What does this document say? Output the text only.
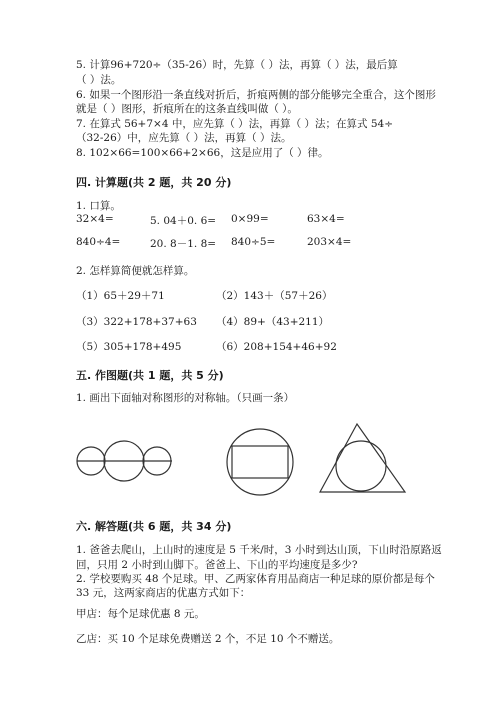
5. 计算96+720÷（35-26）时，先算（ ）法，再算（ ）法，最后算
（ ）法。
6. 如果一个图形沿一条直线对折后，折痕两侧的部分能够完全重合，这个图形
就是（ ）图形，折痕所在的这条直线叫做（ ）。
7. 在算式 56+7×4 中，应先算（ ）法，再算（ ）法；在算式 54÷
（32-26）中，应先算（ ）法，再算（ ）法。
8. 102×66=100×66+2×66，这是应用了（ ）律。
四. 计算题(共 2 题，共 20 分)
1. 口算。
32×4=	5. 04＋0. 6= 0×99=	63×4=
840÷4=	20. 8－1. 8= 840÷5=	203×4=
2. 怎样算简便就怎样算。
（1）65＋29＋71	（2）143＋（57＋26）
（3）322+178+37+63 （4）89+（43+211）
（5）305+178+495	（6）208+154+46+92
五. 作图题(共 1 题，共 5 分)
1. 画出下面轴对称图形的对称轴。（只画一条）
六. 解答题(共 6 题，共 34 分)
1. 爸爸去爬山，上山时的速度是 5 千米/时，3 小时到达山顶，下山时沿原路返
回，只用 2 小时到山脚下。爸爸上、下山的平均速度是多少?
2. 学校要购买 48 个足球。甲、乙两家体育用品商店一种足球的原价都是每个
33 元，这两家商店的优惠方式如下：
甲店：每个足球优惠 8 元。
乙店：买 10 个足球免费赠送 2 个，不足 10 个不赠送。
